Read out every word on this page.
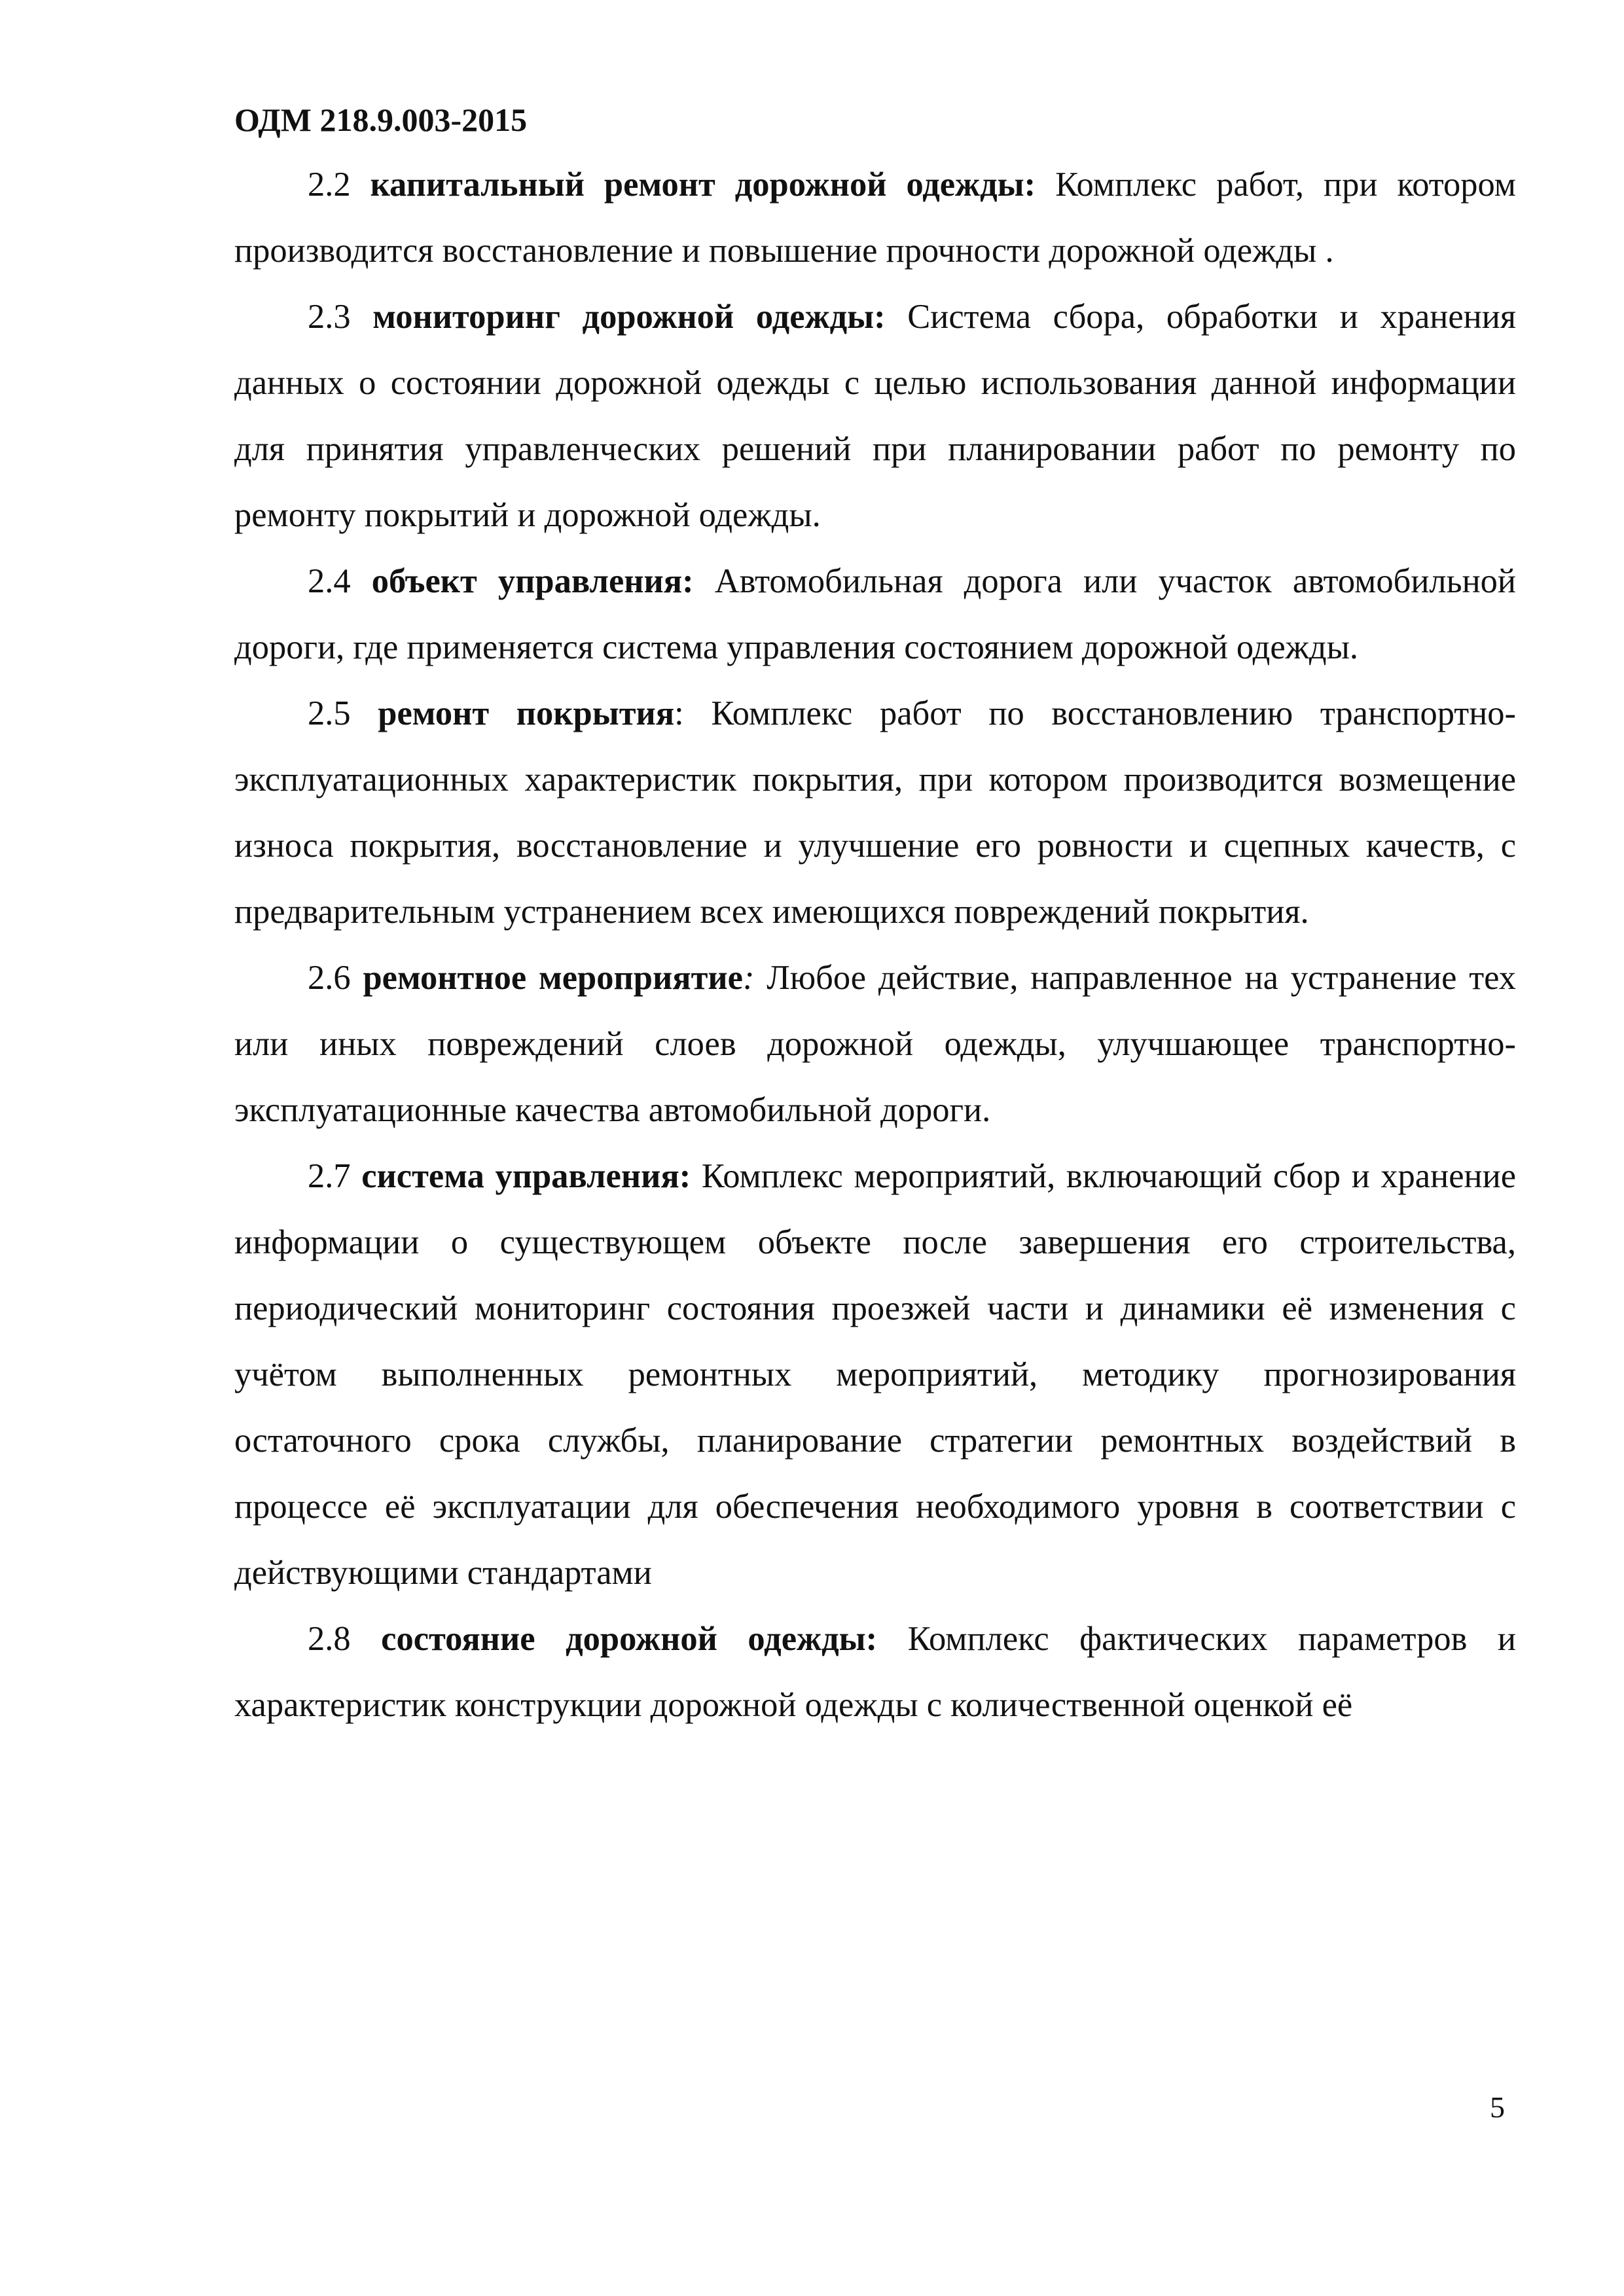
ОДМ 218.9.003-2015

2.2 капитальный ремонт дорожной одежды: Комплекс работ, при котором производится восстановление и повышение прочности дорожной одежды .

2.3 мониторинг дорожной одежды: Система сбора, обработки и хранения данных о состоянии дорожной одежды с целью использования данной информации для принятия управленческих решений при планировании работ по ремонту по ремонту покрытий и дорожной одежды.

2.4 объект управления: Автомобильная дорога или участок автомобильной дороги, где применяется система управления состоянием дорожной одежды.

2.5 ремонт покрытия: Комплекс работ по восстановлению транспортно-эксплуатационных характеристик покрытия, при котором производится возмещение износа покрытия, восстановление и улучшение его ровности и сцепных качеств, с предварительным устранением всех имеющихся повреждений покрытия.

2.6 ремонтное мероприятие: Любое действие, направленное на устранение тех или иных повреждений слоев дорожной одежды, улучшающее транспортно-эксплуатационные качества автомобильной дороги.

2.7 система управления: Комплекс мероприятий, включающий сбор и хранение информации о существующем объекте после завершения его строительства, периодический мониторинг состояния проезжей части и динамики её изменения с учётом выполненных ремонтных мероприятий, методику прогнозирования остаточного срока службы, планирование стратегии ремонтных воздействий в процессе её эксплуатации для обеспечения необходимого уровня в соответствии с действующими стандартами

2.8 состояние дорожной одежды: Комплекс фактических параметров и характеристик конструкции дорожной одежды с количественной оценкой её

5
